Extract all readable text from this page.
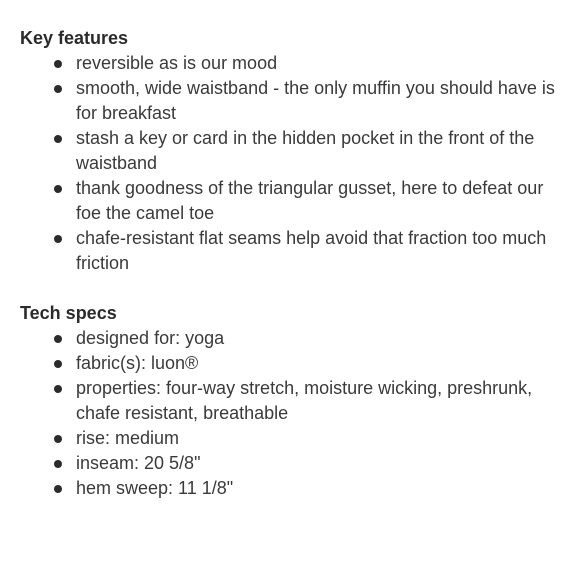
Key features
reversible as is our mood
smooth, wide waistband - the only muffin you should have is for breakfast
stash a key or card in the hidden pocket in the front of the waistband
thank goodness of the triangular gusset, here to defeat our foe the camel toe
chafe-resistant flat seams help avoid that fraction too much friction
Tech specs
designed for: yoga
fabric(s): luon®
properties: four-way stretch, moisture wicking, preshrunk, chafe resistant, breathable
rise: medium
inseam: 20 5/8"
hem sweep: 11 1/8"
